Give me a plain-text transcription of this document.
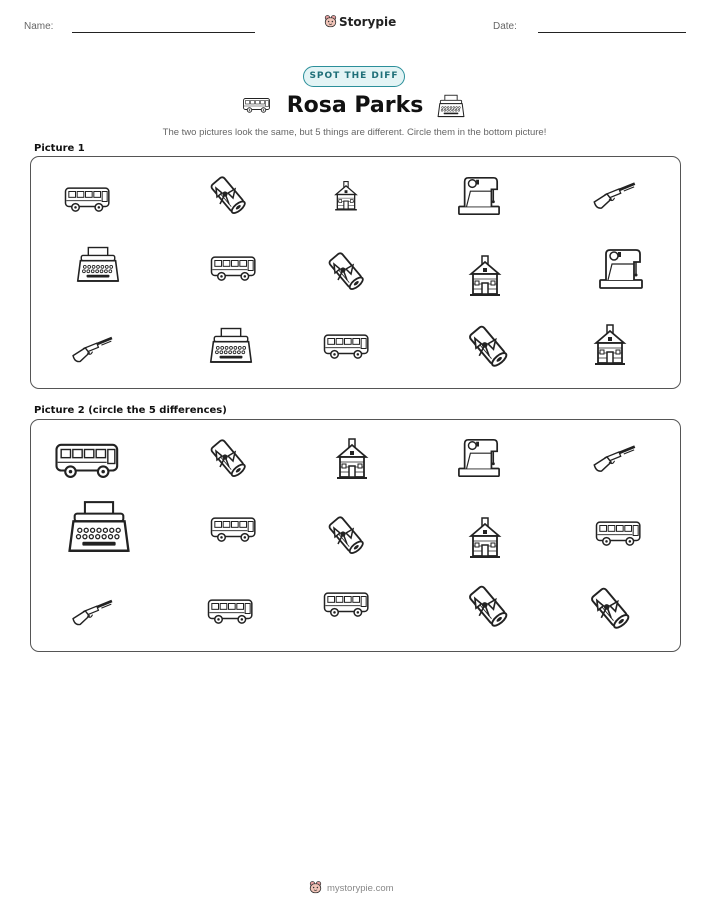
Name:	Storypie	Date:
SPOT THE DIFF
Rosa Parks
The two pictures look the same, but 5 things are different. Circle them in the bottom picture!
Picture 1
Picture 2 (circle the 5 differences)
mystorypie.com
